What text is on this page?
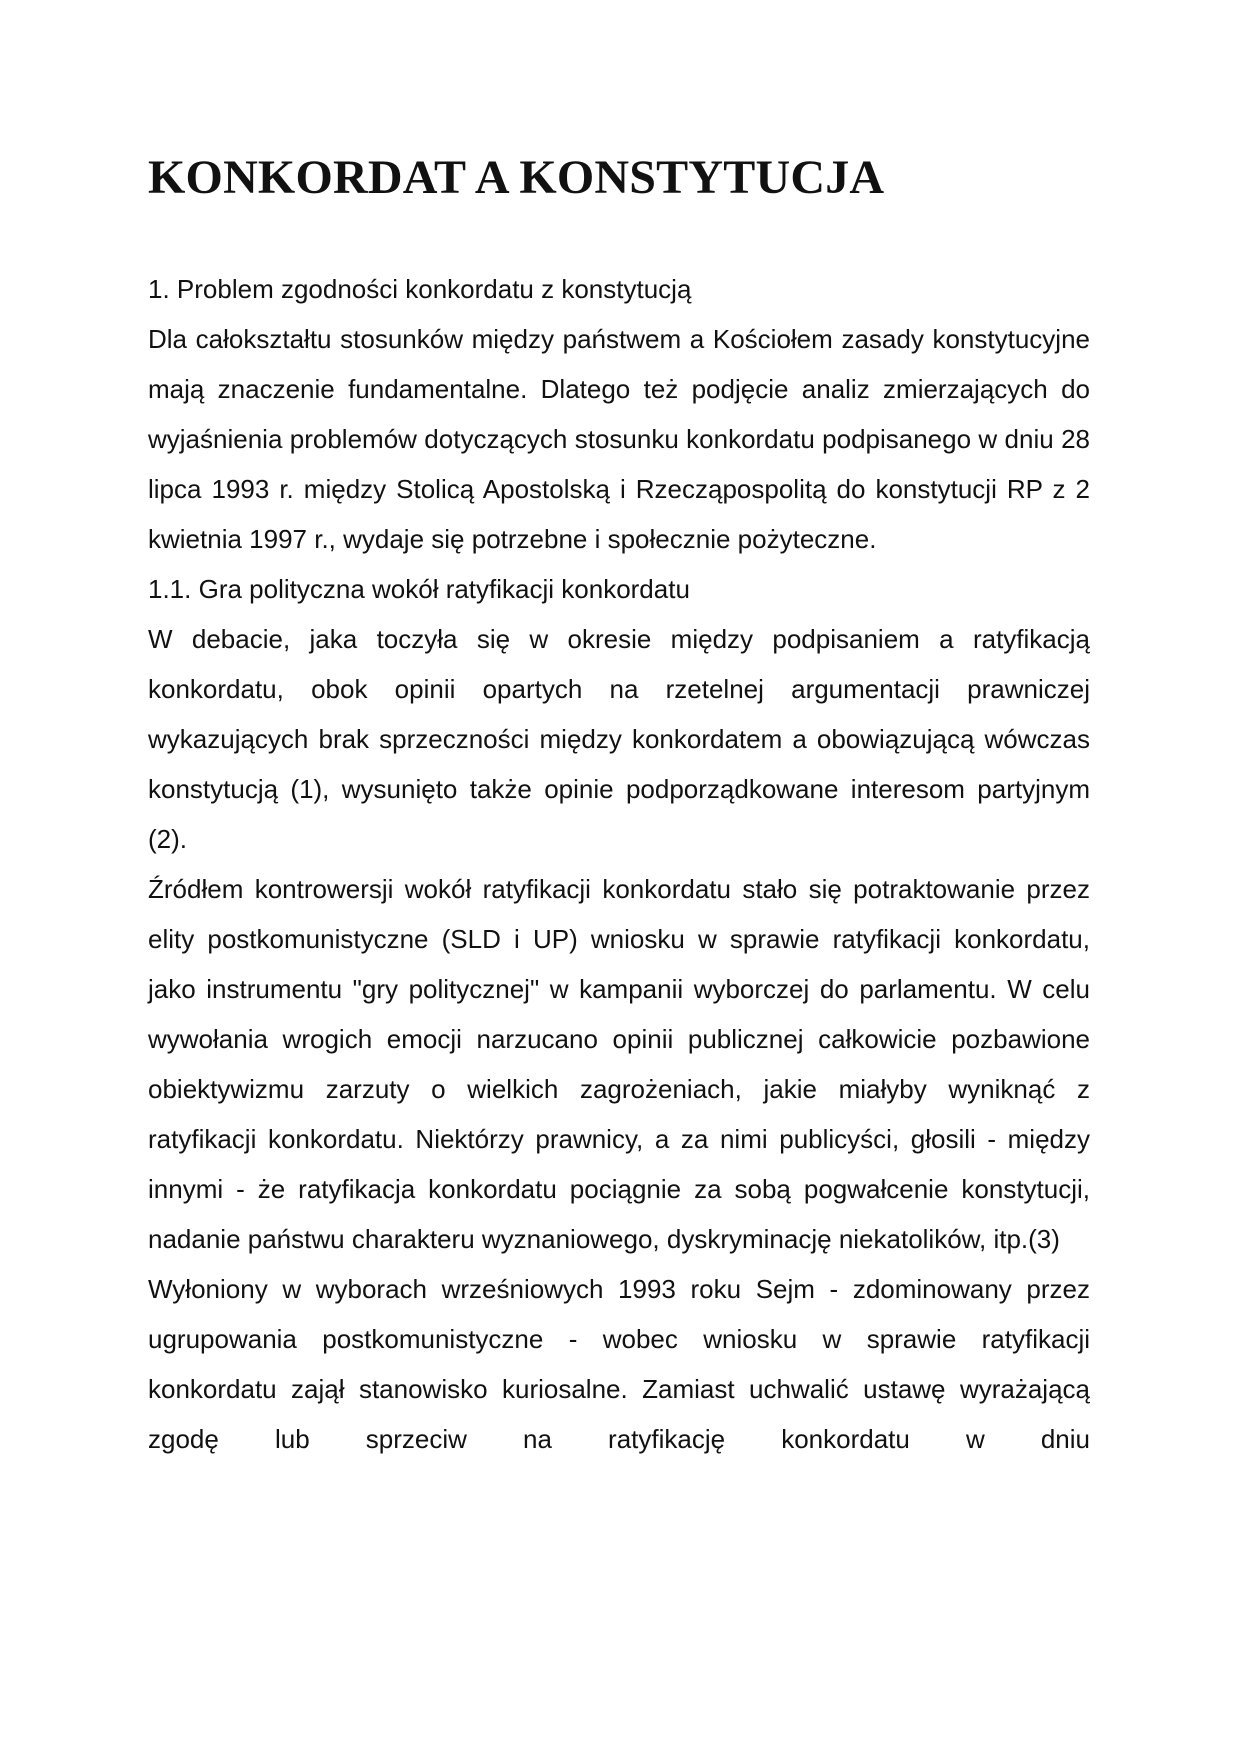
KONKORDAT A KONSTYTUCJA
1. Problem zgodności konkordatu z konstytucją

Dla całokształtu stosunków między państwem a Kościołem zasady konstytucyjne mają znaczenie fundamentalne. Dlatego też podjęcie analiz zmierzających do wyjaśnienia problemów dotyczących stosunku konkordatu podpisanego w dniu 28 lipca 1993 r. między Stolicą Apostolską i Rzecząpospolitą do konstytucji RP z 2 kwietnia 1997 r., wydaje się potrzebne i społecznie pożyteczne.

1.1. Gra polityczna wokół ratyfikacji konkordatu

W debacie, jaka toczyła się w okresie między podpisaniem a ratyfikacją konkordatu, obok opinii opartych na rzetelnej argumentacji prawniczej wykazujących brak sprzeczności między konkordatem a obowiązującą wówczas konstytucją (1), wysunięto także opinie podporządkowane interesom partyjnym (2).

Źródłem kontrowersji wokół ratyfikacji konkordatu stało się potraktowanie przez elity postkomunistyczne (SLD i UP) wniosku w sprawie ratyfikacji konkordatu, jako instrumentu "gry politycznej" w kampanii wyborczej do parlamentu. W celu wywołania wrogich emocji narzucano opinii publicznej całkowicie pozbawione obiektywizmu zarzuty o wielkich zagrożeniach, jakie miałyby wyniknąć z ratyfikacji konkordatu. Niektórzy prawnicy, a za nimi publicyści, głosili - między innymi - że ratyfikacja konkordatu pociągnie za sobą pogwałcenie konstytucji, nadanie państwu charakteru wyznaniowego, dyskryminację niekatolików, itp.(3)

Wyłoniony w wyborach wrześniowych 1993 roku Sejm - zdominowany przez ugrupowania postkomunistyczne - wobec wniosku w sprawie ratyfikacji konkordatu zajął stanowisko kuriosalne. Zamiast uchwalić ustawę wyrażającą zgodę lub sprzeciw na ratyfikację konkordatu w dniu
